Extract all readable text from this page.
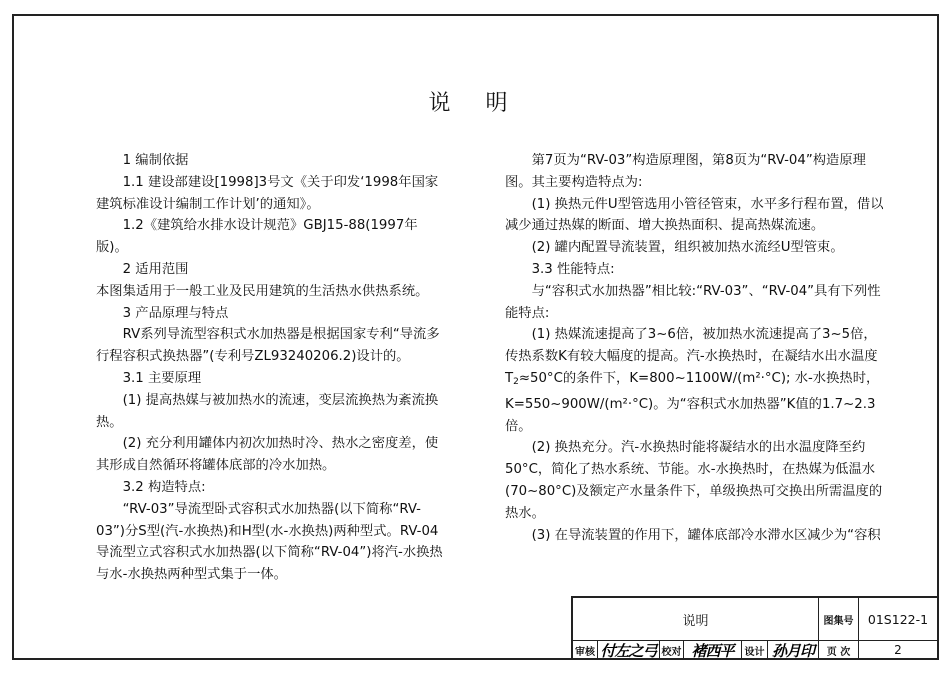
说 明

1 编制依据

1.1 建设部建设[1998]3号文《关于印发‘1998年国家建筑标准设计编制工作计划’的通知》。

1.2《建筑给水排水设计规范》GBJ15-88(1997年版)。

2 适用范围

本图集适用于一般工业及民用建筑的生活热水供热系统。

3 产品原理与特点

RV系列导流型容积式水加热器是根据国家专利“导流多行程容积式换热器”(专利号ZL93240206.2)设计的。

3.1 主要原理

(1) 提高热媒与被加热水的流速，变层流换热为紊流换热。

(2) 充分利用罐体内初次加热时冷、热水之密度差，使其形成自然循环将罐体底部的冷水加热。

3.2 构造特点:

“RV-03”导流型卧式容积式水加热器(以下简称“RV-03”)分S型(汽-水换热)和H型(水-水换热)两种型式。RV-04导流型立式容积式水加热器(以下简称“RV-04”)将汽-水换热与水-水换热两种型式集于一体。

第7页为“RV-03”构造原理图，第8页为“RV-04”构造原理图。其主要构造特点为:

(1) 换热元件U型管选用小管径管束，水平多行程布置，借以减少通过热媒的断面、增大换热面积、提高热媒流速。

(2) 罐内配置导流装置，组织被加热水流经U型管束。

3.3 性能特点:

与“容积式水加热器”相比较:“RV-03”、“RV-04”具有下列性能特点:

(1) 热媒流速提高了3~6倍，被加热水流速提高了3~5倍，传热系数K有较大幅度的提高。汽-水换热时，在凝结水出水温度$T_2\approx 50^\circ C$的条件下，K=800~1100W/(m²·°C); 水-水换热时，K=550~900W/(m²·°C)。为“容积式水加热器”K值的1.7~2.3倍。

(2) 换热充分。汽-水换热时能将凝结水的出水温度降至约50°C，简化了热水系统、节能。水-水换热时，在热媒为低温水(70~80°C)及额定产水量条件下，单级换热可交换出所需温度的热水。

(3) 在导流装置的作用下，罐体底部冷水滞水区减少为“容积

说明	图集号	01S122-1
审核 付左之弓 校对 褚西平	设计 孙月印	页 次	2
